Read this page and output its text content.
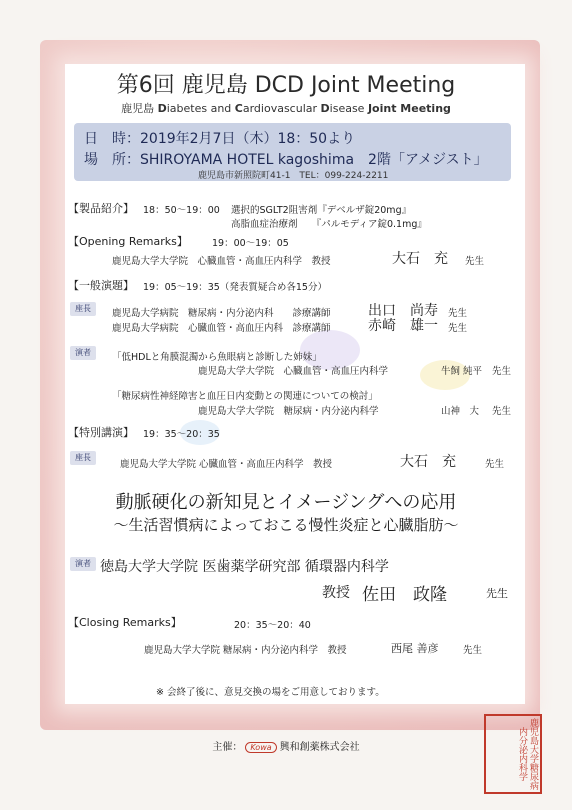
第6回 鹿児島 DCD Joint Meeting
鹿児島 Diabetes and Cardiovascular Disease Joint Meeting
日　時：2019年2月7日（木）18：50より
場　所：SHIROYAMA HOTEL kagoshima　2階「アメジスト」
鹿児島市新照院町41-1　TEL：099-224-2211
【製品紹介】 18：50～19：00 選択的SGLT2阻害剤『デベルザ錠20mg』
高脂血症治療剤　　『パルモディア錠0.1mg』
【Opening Remarks】	19：00～19：05
鹿児島大学大学院　心臓血管・高血圧内科学　教授	大石　充 先生
【一般演題】 19：05～19：35（発表質疑合め各15分）
座長	鹿児島大学病院　糖尿病・内分泌内科　　診療講師	出口　尚寿 先生
鹿児島大学病院　心臓血管・高血圧内科　診療講師	赤崎　雄一 先生
演者	「低HDLと角膜混濁から魚眼病と診断した姉妹」
鹿児島大学大学院　心臓血管・高血圧内科学	牛飼 純平 先生
「糖尿病性神経障害と血圧日内変動との関連についての検討」
鹿児島大学大学院　糖尿病・内分泌内科学	山神　大 先生
【特別講演】 19：35～20：35
座長
鹿児島大学大学院 心臓血管・高血圧内科学　教授	大石　充	先生
動脈硬化の新知見とイメージングへの応用
～生活習慣病によっておこる慢性炎症と心臓脂肪～
演者 徳島大学大学院 医歯薬学研究部 循環器内科学
教授 佐田　政隆	先生
【Closing Remarks】	20：35～20：40
鹿児島大学大学院 糖尿病・内分泌内科学　教授	西尾 善彦	先生
※ 会終了後に、意見交換の場をご用意しております。
主催： Kowa 興和創薬株式会社	鹿児島大学糖尿病内分泌内科学
